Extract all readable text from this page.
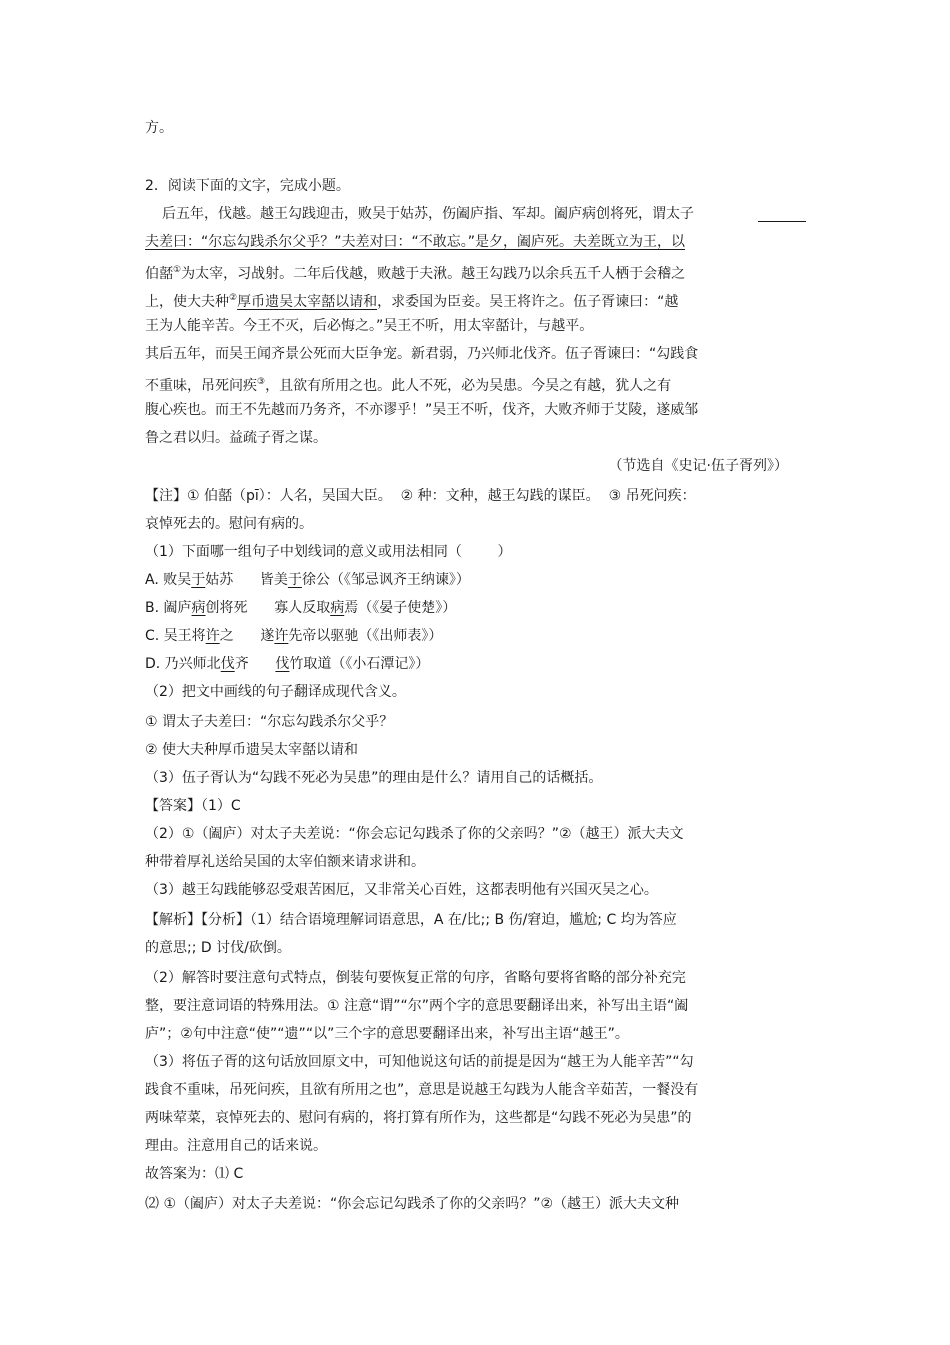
方。
2．阅读下面的文字，完成小题。
后五年，伐越。越王勾践迎击，败吴于姑苏，伤阖庐指、军却。阖庐病创将死，谓太子
夫差曰：“尔忘勾践杀尔父乎？”夫差对曰：“不敢忘。”是夕，阖庐死。夫差既立为王，以
伯嚭①为太宰，习战射。二年后伐越，败越于夫湫。越王勾践乃以余兵五千人栖于会稽之
上，使大夫种②厚币遗吴太宰嚭以请和，求委国为臣妾。吴王将许之。伍子胥谏曰：“越
王为人能辛苦。今王不灭，后必悔之。”吴王不听，用太宰嚭计，与越平。
其后五年，而吴王闻齐景公死而大臣争宠。新君弱，乃兴师北伐齐。伍子胥谏曰：“勾践食
不重味，吊死问疾③，且欲有所用之也。此人不死，必为吴患。今吴之有越，犹人之有
腹心疾也。而王不先越而乃务齐，不亦谬乎！”吴王不听，伐齐，大败齐师于艾陵，遂威邹
鲁之君以归。益疏子胥之谋。
（节选自《史记·伍子胥列》）
【注】① 伯嚭（pī）：人名，吴国大臣。  ② 种：文种，越王勾践的谋臣。  ③ 吊死问疾：
哀悼死去的。慰问有病的。
（1）下面哪一组句子中划线词的意义或用法相同（        ）
A. 败吴于姑苏      皆美于徐公（《邹忌讽齐王纳谏》）
B. 阖庐病创将死      寡人反取病焉（《晏子使楚》）
C. 吴王将许之      遂许先帝以驱驰（《出师表》）
D. 乃兴师北伐齐      伐竹取道（《小石潭记》）
（2）把文中画线的句子翻译成现代含义。
① 谓太子夫差曰：“尔忘勾践杀尔父乎？
② 使大夫种厚币遗吴太宰嚭以请和
（3）伍子胥认为“勾践不死必为吴患”的理由是什么？请用自己的话概括。
【答案】（1）C
（2）①（阖庐）对太子夫差说：“你会忘记勾践杀了你的父亲吗？”②（越王）派大夫文
种带着厚礼送给吴国的太宰伯额来请求讲和。
（3）越王勾践能够忍受艰苦困厄，又非常关心百姓，这都表明他有兴国灭吴之心。
【解析】【分析】（1）结合语境理解词语意思，A 在/比;; B 伤/窘迫，尴尬; C 均为答应
的意思;; D 讨伐/砍倒。
（2）解答时要注意句式特点，倒装句要恢复正常的句序，省略句要将省略的部分补充完
整，要注意词语的特殊用法。① 注意“谓”“尔”两个字的意思要翻译出来，补写出主语“阖
庐”；②句中注意“使”“遗”“以”三个字的意思要翻译出来，补写出主语“越王”。
（3）将伍子胥的这句话放回原文中，可知他说这句话的前提是因为“越王为人能辛苦”“勾
践食不重味，吊死问疾，且欲有所用之也”，意思是说越王勾践为人能含辛茹苦，一餐没有
两味荤菜，哀悼死去的、慰问有病的，将打算有所作为，这些都是“勾践不死必为吴患”的
理由。注意用自己的话来说。
故答案为：⑴ C
⑵ ①（阖庐）对太子夫差说：“你会忘记勾践杀了你的父亲吗？”②（越王）派大夫文种
